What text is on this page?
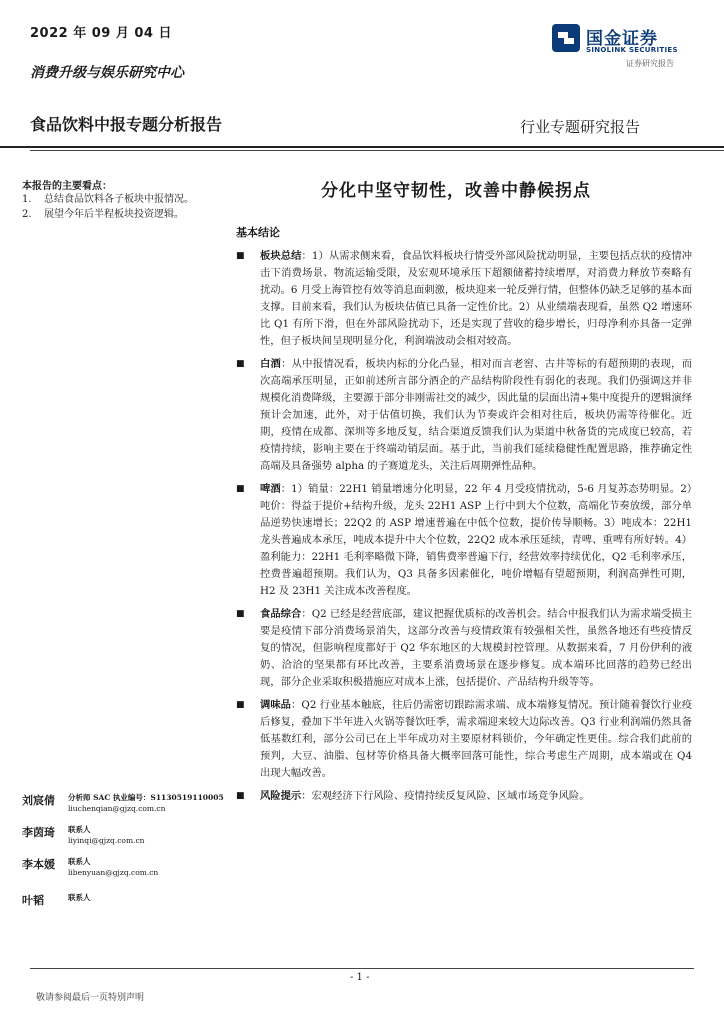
2022 年 09 月 04 日	国金证券
SINOLINK SECURITIES
证券研究报告
消费升级与娱乐研究中心
食品饮料中报专题分析报告	行业专题研究报告
本报告的主要看点：
1.	总结食品饮料各子板块中报情况。
2.	展望今年后半程板块投资逻辑。
分化中坚守韧性，改善中静候拐点
基本结论
■	板块总结：1）从需求侧来看，食品饮料板块行情受外部风险扰动明显，主要包括点状的疫情冲击下消费场景、物流运输受限，及宏观环境承压下超额储蓄持续增厚，对消费力释放节奏略有扰动。6 月受上海管控有效等消息面刺激，板块迎来一轮反弹行情，但整体仍缺乏足够的基本面支撑。目前来看，我们认为板块估值已具备一定性价比。2）从业绩端表现看，虽然 Q2 增速环比 Q1 有所下滑，但在外部风险扰动下，还是实现了营收的稳步增长，归母净利亦具备一定弹性，但子板块间呈现明显分化，利润端波动会相对较高。
■	白酒：从中报情况看，板块内标的分化凸显，相对而言老窖、古井等标的有超预期的表现，而次高端承压明显，正如前述所言部分酒企的产品结构阶段性有弱化的表现。我们仍强调这并非规模化消费降级，主要源于部分非刚需社交的减少，因此量的层面出清+集中度提升的逻辑演绎预计会加速，此外，对于估值切换，我们认为节奏或许会相对往后，板块仍需等待催化。近期，疫情在成都、深圳等多地反复，结合渠道反馈我们认为渠道中秋备货的完成度已较高，若疫情持续，影响主要在于终端动销层面。基于此，当前我们延续稳健性配置思路，推荐确定性高端及具备强势 alpha 的子赛道龙头，关注后周期弹性品种。
■	啤酒：1）销量：22H1 销量增速分化明显，22 年 4 月受疫情扰动，5-6 月复苏态势明显。2）吨价：得益于提价+结构升级，龙头 22H1 ASP 上行中到大个位数，高端化节奏放缓，部分单品逆势快速增长；22Q2 的 ASP 增速普遍在中低个位数，提价传导顺畅。3）吨成本：22H1 龙头普遍成本承压，吨成本提升中大个位数，22Q2 成本承压延续，青啤、重啤有所好转。4）盈利能力：22H1 毛利率略微下降，销售费率普遍下行，经营效率持续优化，Q2 毛利率承压，控费普遍超预期。我们认为，Q3 具备多因素催化，吨价增幅有望超预期，利润高弹性可期，H2 及 23H1 关注成本改善程度。
■	食品综合：Q2 已经是经营底部，建议把握优质标的改善机会。结合中报我们认为需求端受损主要是疫情下部分消费场景消失，这部分改善与疫情政策有较强相关性，虽然各地还有些疫情反复的情况，但影响程度都好于 Q2 华东地区的大规模封控管理。从数据来看，7 月份伊利的液奶、洽洽的坚果都有环比改善，主要系消费场景在逐步修复。成本端环比回落的趋势已经出现，部分企业采取积极措施应对成本上涨，包括提价、产品结构升级等等。
■	调味品：Q2 行业基本触底，往后仍需密切跟踪需求端、成本端修复情况。预计随着餐饮行业疫后修复，叠加下半年进入火锅等餐饮旺季，需求端迎来较大边际改善。Q3 行业利润端仍然具备低基数红利，部分公司已在上半年成功对主要原材料锁价，今年确定性更佳。综合我们此前的预判，大豆、油脂、包材等价格具备大概率回落可能性，综合考虑生产周期，成本端或在 Q4 出现大幅改善。
■	风险提示：宏观经济下行风险、疫情持续反复风险、区域市场竞争风险。
刘宸倩	分析师 SAC 执业编号：S1130519110005
liuchenqian@gjzq.com.cn
李茵琦	联系人
liyinqi@gjzq.com.cn
李本媛	联系人
libenyuan@gjzq.com.cn
叶韬	联系人
- 1 -
敬请参阅最后一页特别声明
